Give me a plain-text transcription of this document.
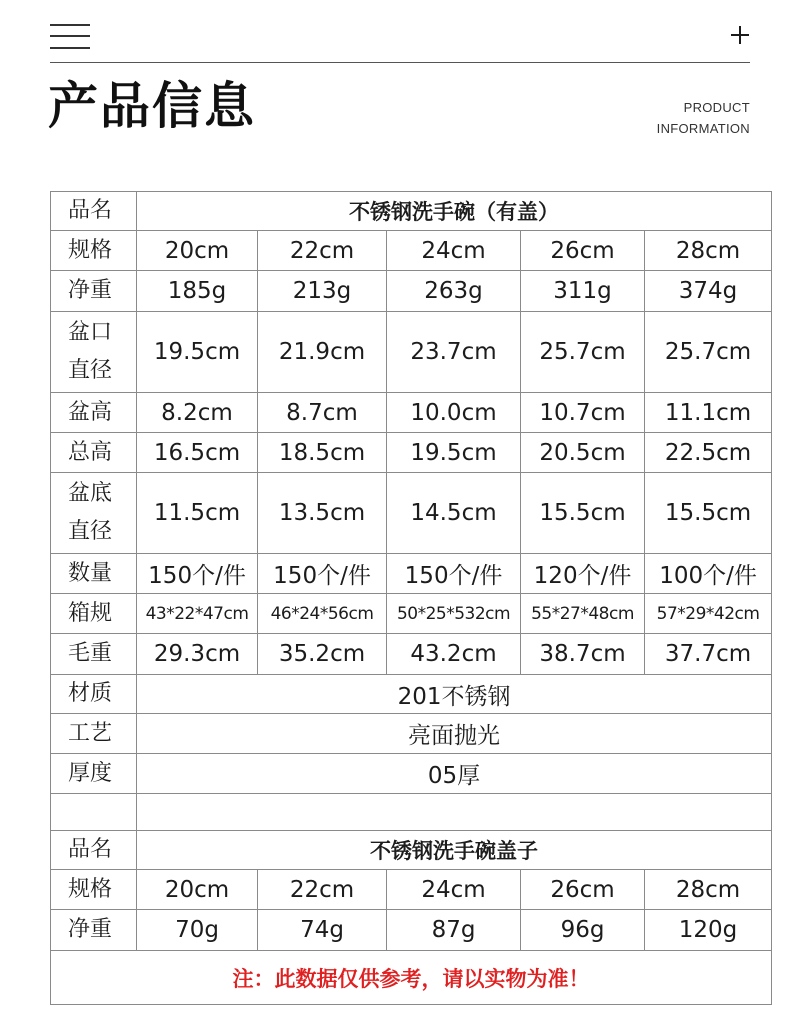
产品信息	PRODUCT
INFORMATION
品名	不锈钢洗手碗（有盖）				
规格	20cm	22cm	24cm	26cm	28cm
净重	185g	213g	263g	311g	374g

盆口直径	19.5cm	21.9cm	23.7cm	25.7cm	25.7cm
盆高	8.2cm	8.7cm	10.0cm	10.7cm	11.1cm
总高	16.5cm	18.5cm	19.5cm	20.5cm	22.5cm

盆底直径	11.5cm	13.5cm	14.5cm	15.5cm	15.5cm
数量	150个/件	150个/件	150个/件	120个/件	100个/件
箱规	43*22*47cm	46*24*56cm	50*25*532cm	55*27*48cm	57*29*42cm
毛重	29.3cm	35.2cm	43.2cm	38.7cm	37.7cm
材质	201不锈钢				
工艺	亮面抛光				
厚度	05厚				

品名	不锈钢洗手碗盖子				
规格	20cm	22cm	24cm	26cm	28cm
净重	70g	74g	87g	96g	120g
注：此数据仅供参考，请以实物为准！					
